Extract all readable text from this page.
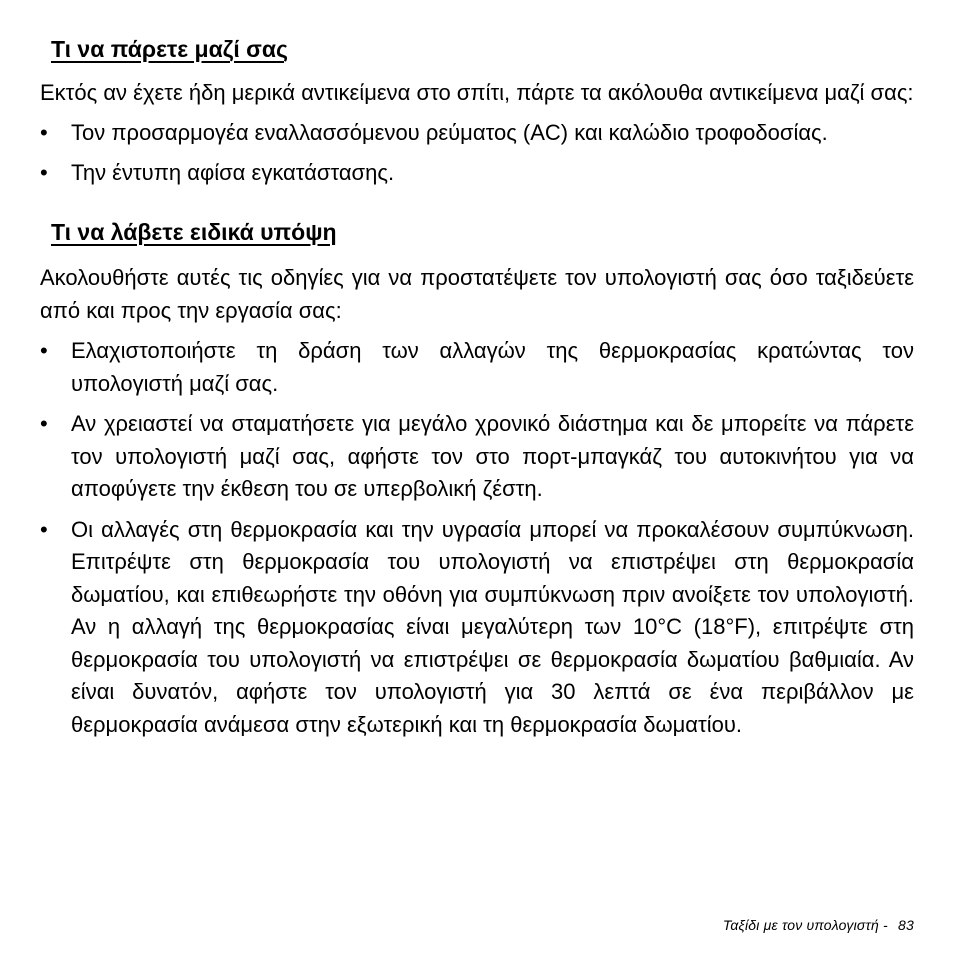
Τι να πάρετε μαζί σας

Εκτός αν έχετε ήδη μερικά αντικείμενα στο σπίτι, πάρτε τα ακόλουθα αντικείμενα μαζί σας:

• Τον προσαρμογέα εναλλασσόμενου ρεύματος (AC) και καλώδιο τροφοδοσίας.
• Την έντυπη αφίσα εγκατάστασης.
Τι να λάβετε ειδικά υπόψη

Ακολουθήστε αυτές τις οδηγίες για να προστατέψετε τον υπολογιστή σας όσο ταξιδεύετε από και προς την εργασία σας:

• Ελαχιστοποιήστε τη δράση των αλλαγών της θερμοκρασίας κρατώντας τον υπολογιστή μαζί σας.
• Αν χρειαστεί να σταματήσετε για μεγάλο χρονικό διάστημα και δε μπορείτε να πάρετε τον υπολογιστή μαζί σας, αφήστε τον στο πορτ-μπαγκάζ του αυτοκινήτου για να αποφύγετε την έκθεση του σε υπερβολική ζέστη.
• Οι αλλαγές στη θερμοκρασία και την υγρασία μπορεί να προκαλέσουν συμπύκνωση. Επιτρέψτε στη θερμοκρασία του υπολογιστή να επιστρέψει στη θερμοκρασία δωματίου, και επιθεωρήστε την οθόνη για συμπύκνωση πριν ανοίξετε τον υπολογιστή. Αν η αλλαγή της θερμοκρασίας είναι μεγαλύτερη των 10°C (18°F), επιτρέψτε στη θερμοκρασία του υπολογιστή να επιστρέψει σε θερμοκρασία δωματίου βαθμιαία. Αν είναι δυνατόν, αφήστε τον υπολογιστή για 30 λεπτά σε ένα περιβάλλον με θερμοκρασία ανάμεσα στην εξωτερική και τη θερμοκρασία δωματίου.
Ταξίδι με τον υπολογιστή - 83
